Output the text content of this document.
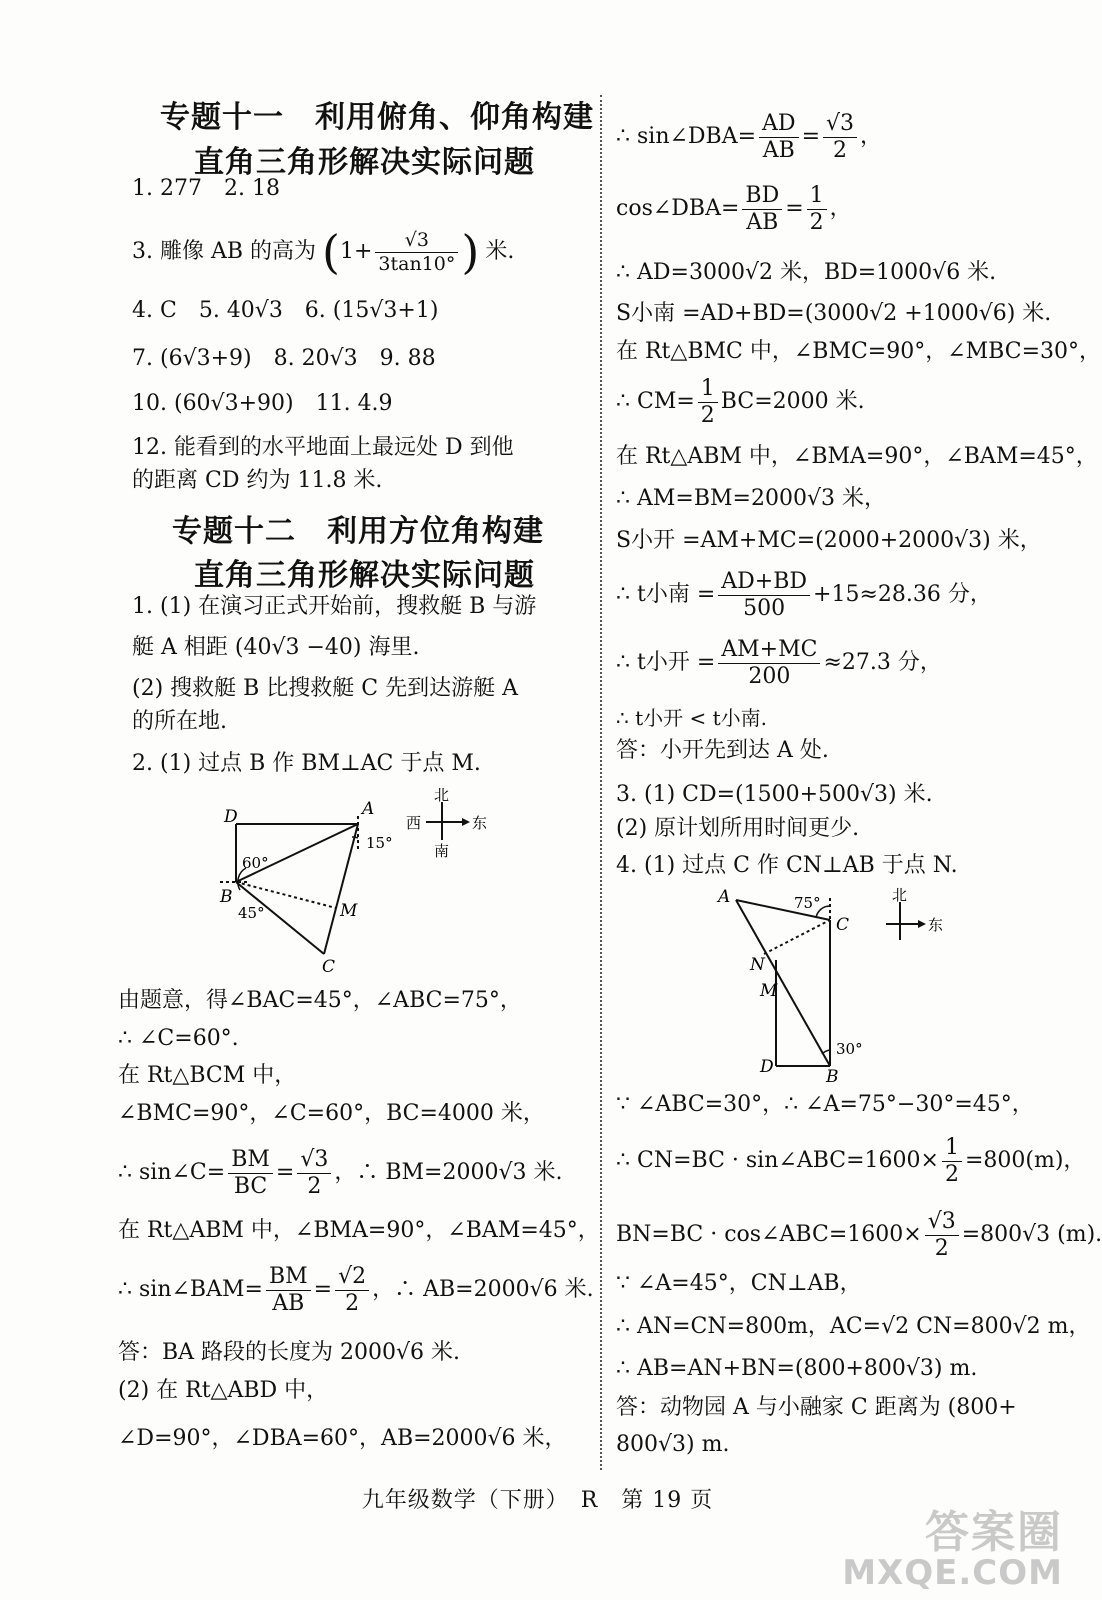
专题十一　利用俯角、仰角构建
直角三角形解决实际问题
1. 277　2. 18
3. 雕像 AB 的高为 ( $1+ \frac{√3}{3\tan 10^\circ}$ ) 米.
4. C　5. 40√3　6. (15√3+1)
7. (6√3+9)　8. 20√3　9. 88
10. (60√3+90)　11. 4.9
12. 能看到的水平地面上最远处 D 到他
的距离 CD 约为 11.8 米.
专题十二　利用方位角构建
直角三角形解决实际问题
1. (1) 在演习正式开始前，搜救艇 B 与游
艇 A 相距 (40√3 −40) 海里.
(2) 搜救艇 B 比搜救艇 C 先到达游艇 A
的所在地.
2. (1) 过点 B 作 BM⊥AC 于点 M.
D	A
B
C
M
60°
45°
15°
北
西	东
南
由题意，得∠BAC=45°，∠ABC=75°，
∴ ∠C=60°.
在 Rt△BCM 中，
∠BMC=90°，∠C=60°，BC=4000 米，
∴ sin∠C= $\frac{BM}{BC} = \frac{√3}{2}$ ，∴ BM=2000√3 米.
在 Rt△ABM 中，∠BMA=90°，∠BAM=45°，
∴ sin∠BAM= $\frac{BM}{AB} = \frac{√2}{2}$ ，∴ AB=2000√6 米.
答：BA 路段的长度为 2000√6 米.
(2) 在 Rt△ABD 中，
∠D=90°，∠DBA=60°，AB=2000√6 米，
∴ sin∠DBA= $\frac{AD}{AB} = \frac{√3}{2}$ ，
cos∠DBA= $\frac{BD}{AB} = \frac{1}{2}$ ，
∴ AD=3000√2 米，BD=1000√6 米.
S小南 =AD+BD=(3000√2 +1000√6) 米.
在 Rt△BMC 中，∠BMC=90°，∠MBC=30°，
∴ $CM= \frac{1}{2} BC=2000$ 米.
在 Rt△ABM 中，∠BMA=90°，∠BAM=45°，
∴ AM=BM=2000√3 米，
S小开 =AM+MC=(2000+2000√3) 米，
∴ t小南 = $\frac{AD+BD}{500} +15\approx 28.36$ 分，
∴ t小开 = $\frac{AM+MC}{200} \approx 27.3$ 分，
∴ t小开 < t小南.
答：小开先到达 A 处.
3. (1) CD=(1500+500√3) 米.
(2) 原计划所用时间更少.
4. (1) 过点 C 作 CN⊥AB 于点 N.
A
C
N
M
D	B
75°
30°
北
东
∵ ∠ABC=30°，∴ ∠A=75°−30°=45°，
∴ CN=BC · sin∠ABC=1600× $\frac{1}{2} =800(m)$，
BN=BC · cos∠ABC=1600× $\frac{√3}{2} =800√3$ (m).
∵ ∠A=45°，CN⊥AB，
∴ AN=CN=800m，AC=√2 CN=800√2 m，
∴ AB=AN+BN=(800+800√3) m.
答：动物园 A 与小融家 C 距离为 (800+
800√3) m.
九年级数学（下册）　R　第 19 页
答案圈
MXQE.COM
